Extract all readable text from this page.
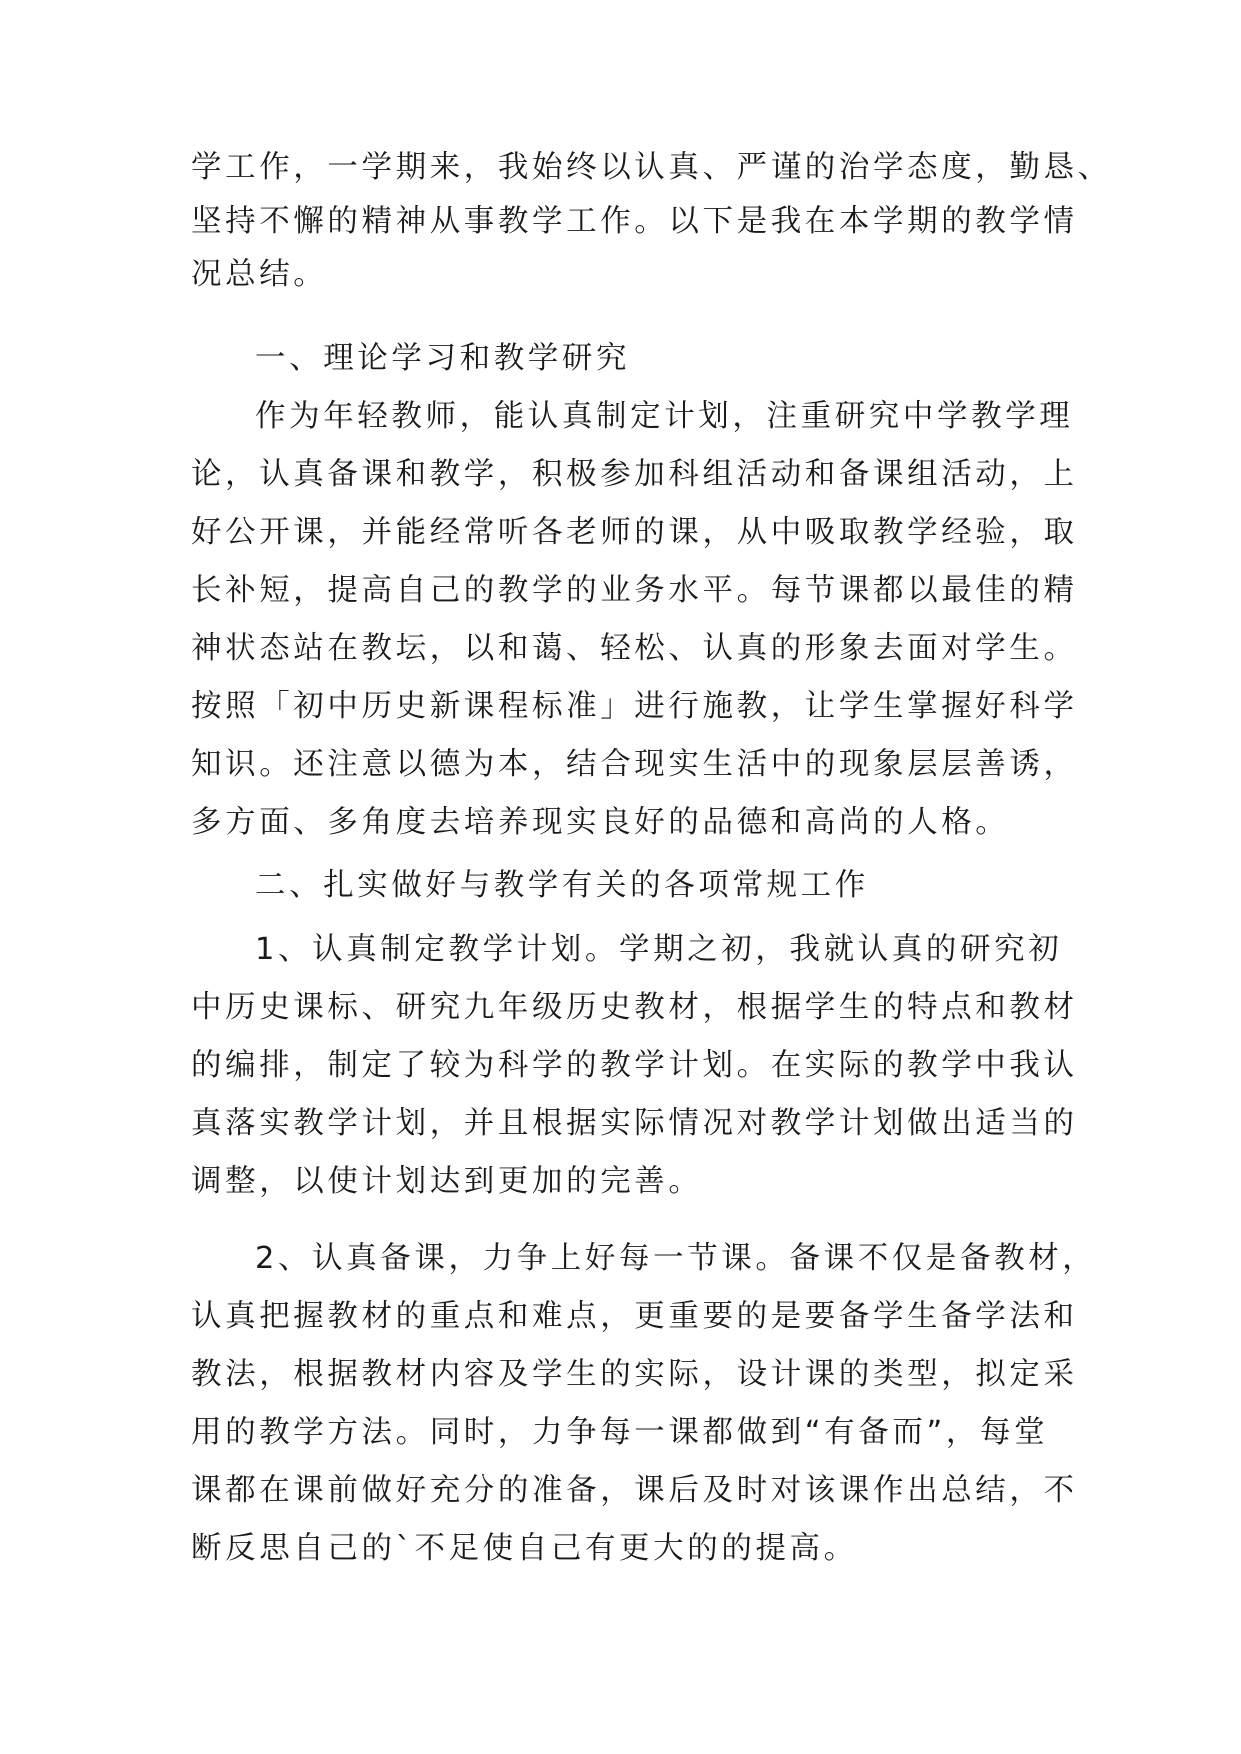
学工作，一学期来，我始终以认真、严谨的治学态度，勤恳、

坚持不懈的精神从事教学工作。以下是我在本学期的教学情

况总结。

一、理论学习和教学研究

作为年轻教师，能认真制定计划，注重研究中学教学理

论，认真备课和教学，积极参加科组活动和备课组活动，上

好公开课，并能经常听各老师的课，从中吸取教学经验，取

长补短，提高自己的教学的业务水平。每节课都以最佳的精

神状态站在教坛，以和蔼、轻松、认真的形象去面对学生。

按照「初中历史新课程标准」进行施教，让学生掌握好科学

知识。还注意以德为本，结合现实生活中的现象层层善诱，

多方面、多角度去培养现实良好的品德和高尚的人格。

二、扎实做好与教学有关的各项常规工作

1、认真制定教学计划。学期之初，我就认真的研究初

中历史课标、研究九年级历史教材，根据学生的特点和教材

的编排，制定了较为科学的教学计划。在实际的教学中我认

真落实教学计划，并且根据实际情况对教学计划做出适当的

调整，以使计划达到更加的完善。

2、认真备课，力争上好每一节课。备课不仅是备教材，

认真把握教材的重点和难点，更重要的是要备学生备学法和

教法，根据教材内容及学生的实际，设计课的类型，拟定采

用的教学方法。同时，力争每一课都做到“有备而”，每堂

课都在课前做好充分的准备，课后及时对该课作出总结，不

断反思自己的`不足使自己有更大的的提高。
